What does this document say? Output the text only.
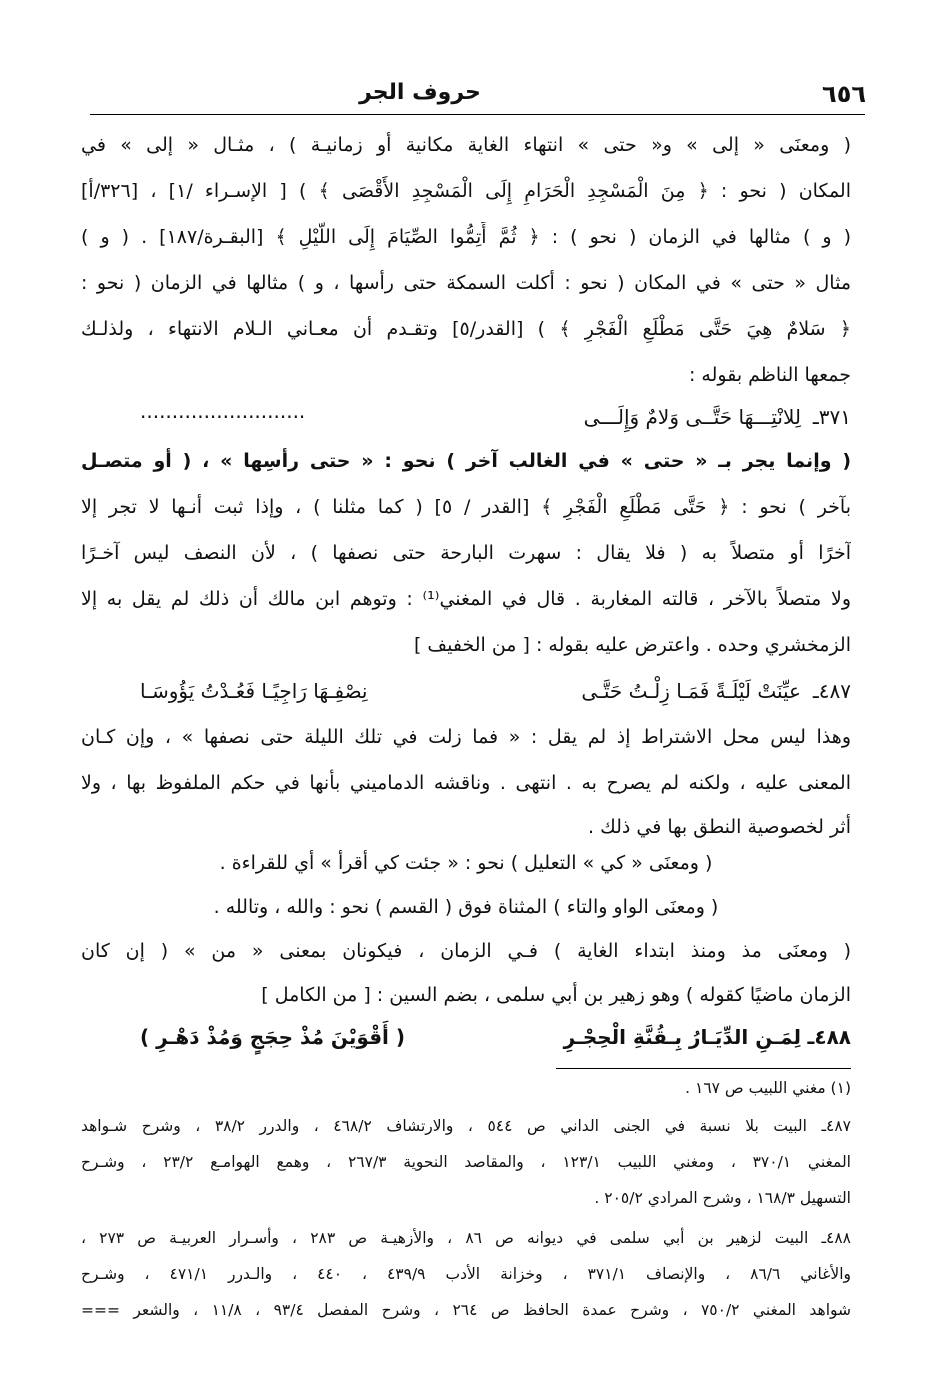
٦٥٦
حروف الجر
( ومعنَى « إلى » و« حتى » انتهاء الغاية مكانية أو زمانيـة ) ، مثـال « إلى » في
المكان ( نحو : ﴿ مِنَ الْمَسْجِدِ الْحَرَامِ إِلَى الْمَسْجِدِ الأَقْصَى ﴾ ) [ الإسـراء /١] ، [٣٢٦/أ]
( و ) مثالها في الزمان ( نحو ) : ﴿ ثُمَّ أَتِمُّوا الصِّيَامَ إِلَى اللَّيْلِ ﴾ [البقـرة/١٨٧] . ( و )
مثال « حتى » في المكان ( نحو : أكلت السمكة حتى رأسها ، و ) مثالها في الزمان ( نحو :
﴿ سَلامٌ هِيَ حَتَّى مَطْلَعِ الْفَجْرِ ﴾ ) [القدر/٥] وتقـدم أن معـاني الـلام الانتهاء ، ولذلـك
جمعها الناظم بقوله :
٣٧١ـ
لِلانْتِـــهَا حَتَّــى وَلامٌ وَإِلَـــى
..........................
( وإنما يجر بـ « حتى » في الغالب آخر ) نحو : « حتى رأسِها » ، ( أو متصـل
بآخر ) نحو : ﴿ حَتَّى مَطْلَعِ الْفَجْرِ ﴾ [القدر / ٥] ( كما مثلنا ) ، وإذا ثبت أنـها لا تجر إلا
آخرًا أو متصلاً به ( فلا يقال : سهرت البارحة حتى نصفها ) ، لأن النصف ليس آخـرًا
ولا متصلاً بالآخر ، قالته المغاربة . قال في المغني⁽¹⁾ : وتوهم ابن مالك أن ذلك لم يقل به إلا
الزمخشري وحده . واعترض عليه بقوله : [ من الخفيف ]
٤٨٧ـ
عيِّنَتْ لَيْلَـةً فَمَـا زِلْـتُ حَتَّـى
نِصْفِـهَا رَاجِيًـا فَعُـدْتُ يَؤُوسَـا
وهذا ليس محل الاشتراط إذ لم يقل : « فما زلت في تلك الليلة حتى نصفها » ، وإن كـان
المعنى عليه ، ولكنه لم يصرح به . انتهى . وناقشه الدماميني بأنها في حكم الملفوظ بها ، ولا
أثر لخصوصية النطق بها في ذلك .
( ومعنَى « كي » التعليل ) نحو : « جئت كي أقرأ » أي للقراءة .
( ومعنَى الواو والتاء ) المثناة فوق ( القسم ) نحو : والله ، وتالله .
( ومعنَى مذ ومنذ ابتداء الغاية ) فـي الزمان ، فيكونان بمعنى « من » ( إن كان
الزمان ماضيًا كقوله ) وهو زهير بن أبي سلمى ، بضم السين : [ من الكامل ]
٤٨٨ـ
لِمَـنِ الدِّيَـارُ بِـقُنَّةِ الْحِجْـرِ
( أَقْوَيْنَ مُذْ حِجَجٍ وَمُذْ دَهْـرِ )
(١) مغني اللبيب ص ١٦٧ .
٤٨٧ـ البيت بلا نسبة في الجنى الداني ص ٥٤٤ ، والارتشاف ٤٦٨/٢ ، والدرر ٣٨/٢ ، وشرح شـواهد
المغني ٣٧٠/١ ، ومغني اللبيب ١٢٣/١ ، والمقاصد النحوية ٢٦٧/٣ ، وهمع الهوامـع ٢٣/٢ ، وشـرح
التسهيل ١٦٨/٣ ، وشرح المرادي ٢٠٥/٢ .
٤٨٨ـ البيت لزهير بن أبي سلمى في ديوانه ص ٨٦ ، والأزهيـة ص ٢٨٣ ، وأسـرار العربيـة ص ٢٧٣ ،
والأغاني ٨٦/٦ ، والإنصاف ٣٧١/١ ، وخزانة الأدب ٤٣٩/٩ ، ٤٤٠ ، والـدرر ٤٧١/١ ، وشـرح
شواهد المغني ٧٥٠/٢ ، وشرح عمدة الحافظ ص ٢٦٤ ، وشرح المفصل ٩٣/٤ ، ١١/٨ ، والشعر ===
